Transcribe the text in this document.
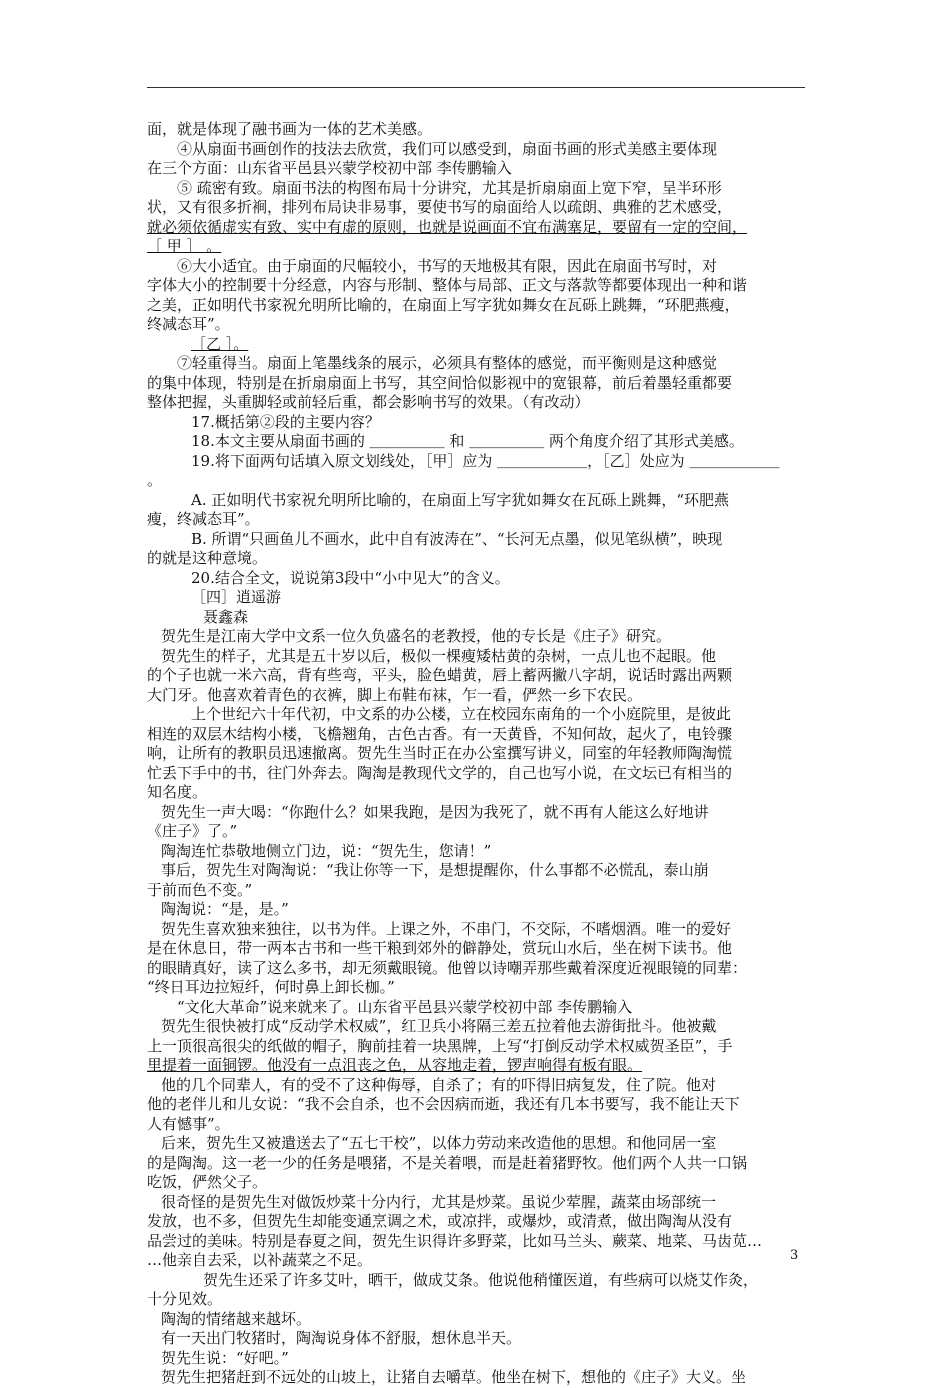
面，就是体现了融书画为一体的艺术美感。
④从扇面书画创作的技法去欣赏，我们可以感受到，扇面书画的形式美感主要体现
在三个方面：山东省平邑县兴蒙学校初中部 李传鹏输入
⑤ 疏密有致。扇面书法的构图布局十分讲究，尤其是折扇扇面上宽下窄，呈半环形
状，又有很多折裥，排列布局诀非易事，要使书写的扇面给人以疏朗、典雅的艺术感受，
就必须依循虚实有致、实中有虚的原则，也就是说画面不宜布满塞足，要留有一定的空间，
［ 甲 ］ 。
⑥大小适宜。由于扇面的尺幅较小，书写的天地极其有限，因此在扇面书写时，对
字体大小的控制要十分经意，内容与形制、整体与局部、正文与落款等都要体现出一种和谐
之美，正如明代书家祝允明所比喻的，在扇面上写字犹如舞女在瓦砾上跳舞，“环肥燕瘦，
终减态耳”。
［乙 ］。
⑦轻重得当。扇面上笔墨线条的展示，必须具有整体的感觉，而平衡则是这种感觉
的集中体现，特别是在折扇扇面上书写，其空间恰似影视中的宽银幕，前后着墨轻重都要
整体把握，头重脚轻或前轻后重，都会影响书写的效果。（有改动）
17.概括第②段的主要内容？
18.本文主要从扇面书画的 ＿＿＿＿＿ 和 ＿＿＿＿＿ 两个角度介绍了其形式美感。
19.将下面两句话填入原文划线处，［甲］应为 ＿＿＿＿＿＿，［乙］处应为 ＿＿＿＿＿＿
。
A. 正如明代书家祝允明所比喻的，在扇面上写字犹如舞女在瓦砾上跳舞，“环肥燕
瘦，终减态耳”。
B. 所谓“只画鱼儿不画水，此中自有波涛在”、“长河无点墨，似见笔纵横”，映现
的就是这种意境。
20.结合全文，说说第3段中“小中见大”的含义。
［四］逍遥游
聂鑫森
贺先生是江南大学中文系一位久负盛名的老教授，他的专长是《庄子》研究。
贺先生的样子，尤其是五十岁以后，极似一棵瘦矮枯黄的杂树，一点儿也不起眼。他
的个子也就一米六高，背有些弯，平头，脸色蜡黄，唇上蓄两撇八字胡，说话时露出两颗
大门牙。他喜欢着青色的衣裤，脚上布鞋布袜，乍一看，俨然一乡下农民。
上个世纪六十年代初，中文系的办公楼，立在校园东南角的一个小庭院里，是彼此
相连的双层木结构小楼，飞檐翘角，古色古香。有一天黄昏，不知何故，起火了，电铃骤
响，让所有的教职员迅速撤离。贺先生当时正在办公室撰写讲义，同室的年轻教师陶淘慌
忙丢下手中的书，往门外奔去。陶淘是教现代文学的，自己也写小说，在文坛已有相当的
知名度。
贺先生一声大喝：“你跑什么？如果我跑，是因为我死了，就不再有人能这么好地讲
《庄子》了。”
陶淘连忙恭敬地侧立门边，说：“贺先生，您请！”
事后，贺先生对陶淘说：“我让你等一下，是想提醒你，什么事都不必慌乱，泰山崩
于前而色不变。”
陶淘说：“是，是。”
贺先生喜欢独来独往，以书为伴。上课之外，不串门，不交际，不嗜烟酒。唯一的爱好
是在休息日，带一两本古书和一些干粮到郊外的僻静处，赏玩山水后，坐在树下读书。他
的眼睛真好，读了这么多书，却无须戴眼镜。他曾以诗嘲弄那些戴着深度近视眼镜的同辈：
“终日耳边拉短纤，何时鼻上卸长枷。”
“文化大革命”说来就来了。山东省平邑县兴蒙学校初中部 李传鹏输入
贺先生很快被打成“反动学术权威”，红卫兵小将隔三差五拉着他去游街批斗。他被戴
上一顶很高很尖的纸做的帽子，胸前挂着一块黑牌，上写“打倒反动学术权威贺圣臣”，手
里提着一面铜锣。他没有一点沮丧之色，从容地走着，锣声响得有板有眼。
他的几个同辈人，有的受不了这种侮辱，自杀了；有的吓得旧病复发，住了院。他对
他的老伴儿和儿女说：“我不会自杀，也不会因病而逝，我还有几本书要写，我不能让天下
人有憾事”。
后来，贺先生又被遣送去了“五七干校”，以体力劳动来改造他的思想。和他同居一室
的是陶淘。这一老一少的任务是喂猪，不是关着喂，而是赶着猪野牧。他们两个人共一口锅
吃饭，俨然父子。
很奇怪的是贺先生对做饭炒菜十分内行，尤其是炒菜。虽说少荤腥，蔬菜由场部统一
发放，也不多，但贺先生却能变通烹调之术，或凉拌，或爆炒，或清煮，做出陶淘从没有
品尝过的美味。特别是春夏之间，贺先生识得许多野菜，比如马兰头、蕨菜、地菜、马齿苋…
…他亲自去采，以补蔬菜之不足。
贺先生还采了许多艾叶，晒干，做成艾条。他说他稍懂医道，有些病可以烧艾作灸，
十分见效。
陶淘的情绪越来越坏。
有一天出门牧猪时，陶淘说身体不舒服，想休息半天。
贺先生说：“好吧。”
贺先生把猪赶到不远处的山坡上，让猪自去嚼草。他坐在树下，想他的《庄子》大义。坐
3
